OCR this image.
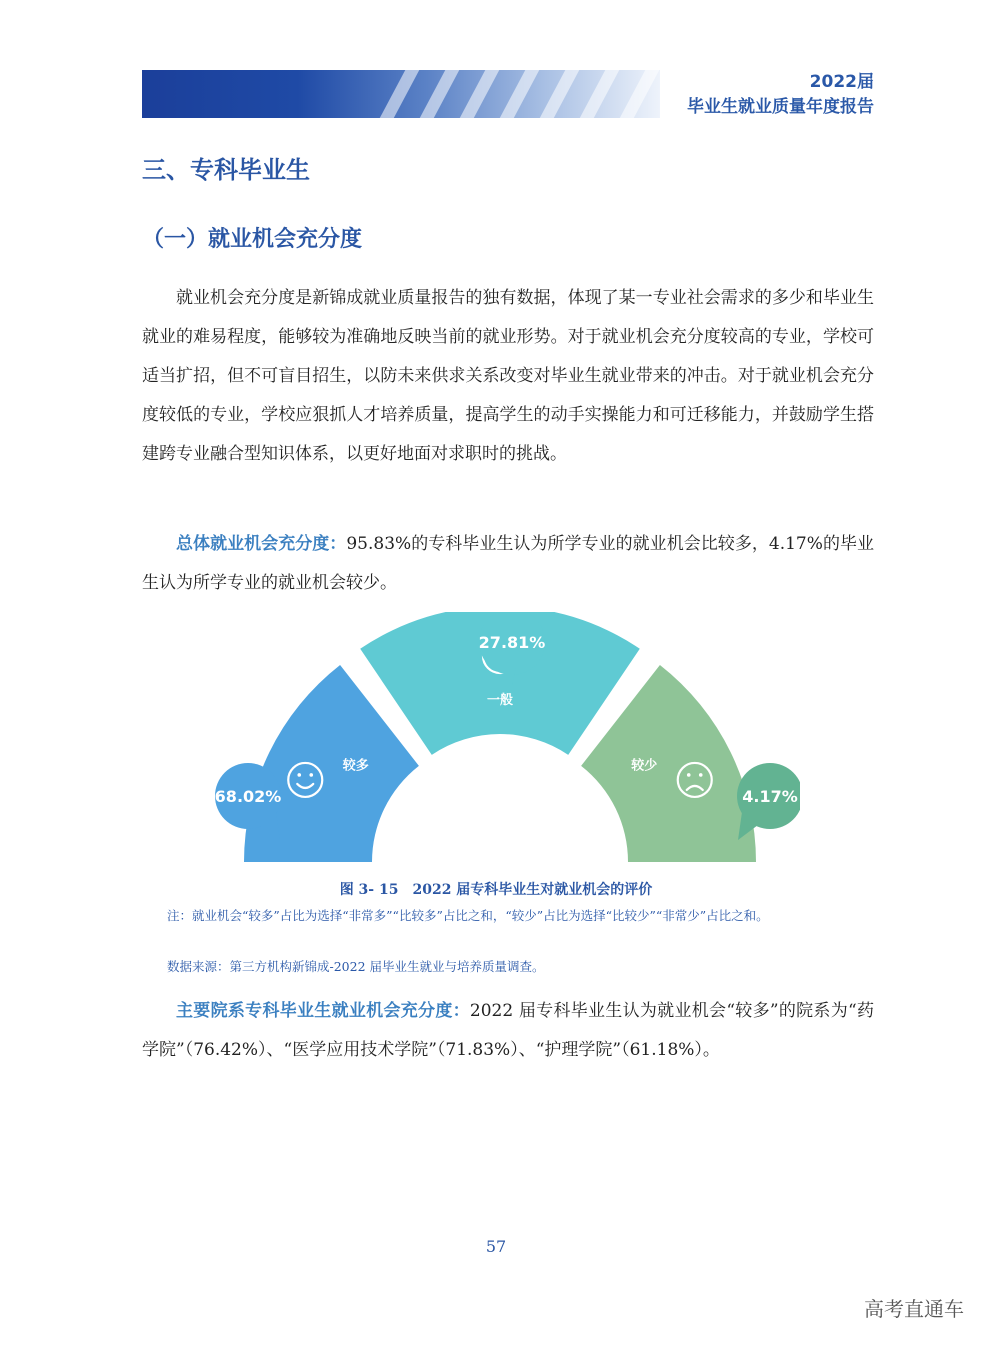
2022届
毕业生就业质量年度报告
三、专科毕业生
（一）就业机会充分度

就业机会充分度是新锦成就业质量报告的独有数据，体现了某一专业社会需求的多少和毕业生就业的难易程度，能够较为准确地反映当前的就业形势。对于就业机会充分度较高的专业，学校可适当扩招，但不可盲目招生，以防未来供求关系改变对毕业生就业带来的冲击。对于就业机会充分度较低的专业，学校应狠抓人才培养质量，提高学生的动手实操能力和可迁移能力，并鼓励学生搭建跨专业融合型知识体系，以更好地面对求职时的挑战。

总体就业机会充分度：95.83%的专科毕业生认为所学专业的就业机会比较多，4.17%的毕业生认为所学专业的就业机会较少。

较多
一般
较少
68.02%
27.81%
4.17%
图 3- 15　2022 届专科毕业生对就业机会的评价

注：就业机会“较多”占比为选择“非常多”“比较多”占比之和，“较少”占比为选择“比较少”“非常少”占比之和。

数据来源：第三方机构新锦成-2022 届毕业生就业与培养质量调查。

主要院系专科毕业生就业机会充分度：2022 届专科毕业生认为就业机会“较多”的院系为“药学院”（76.42%）、“医学应用技术学院”（71.83%）、“护理学院”（61.18%）。

57
高考直通车
